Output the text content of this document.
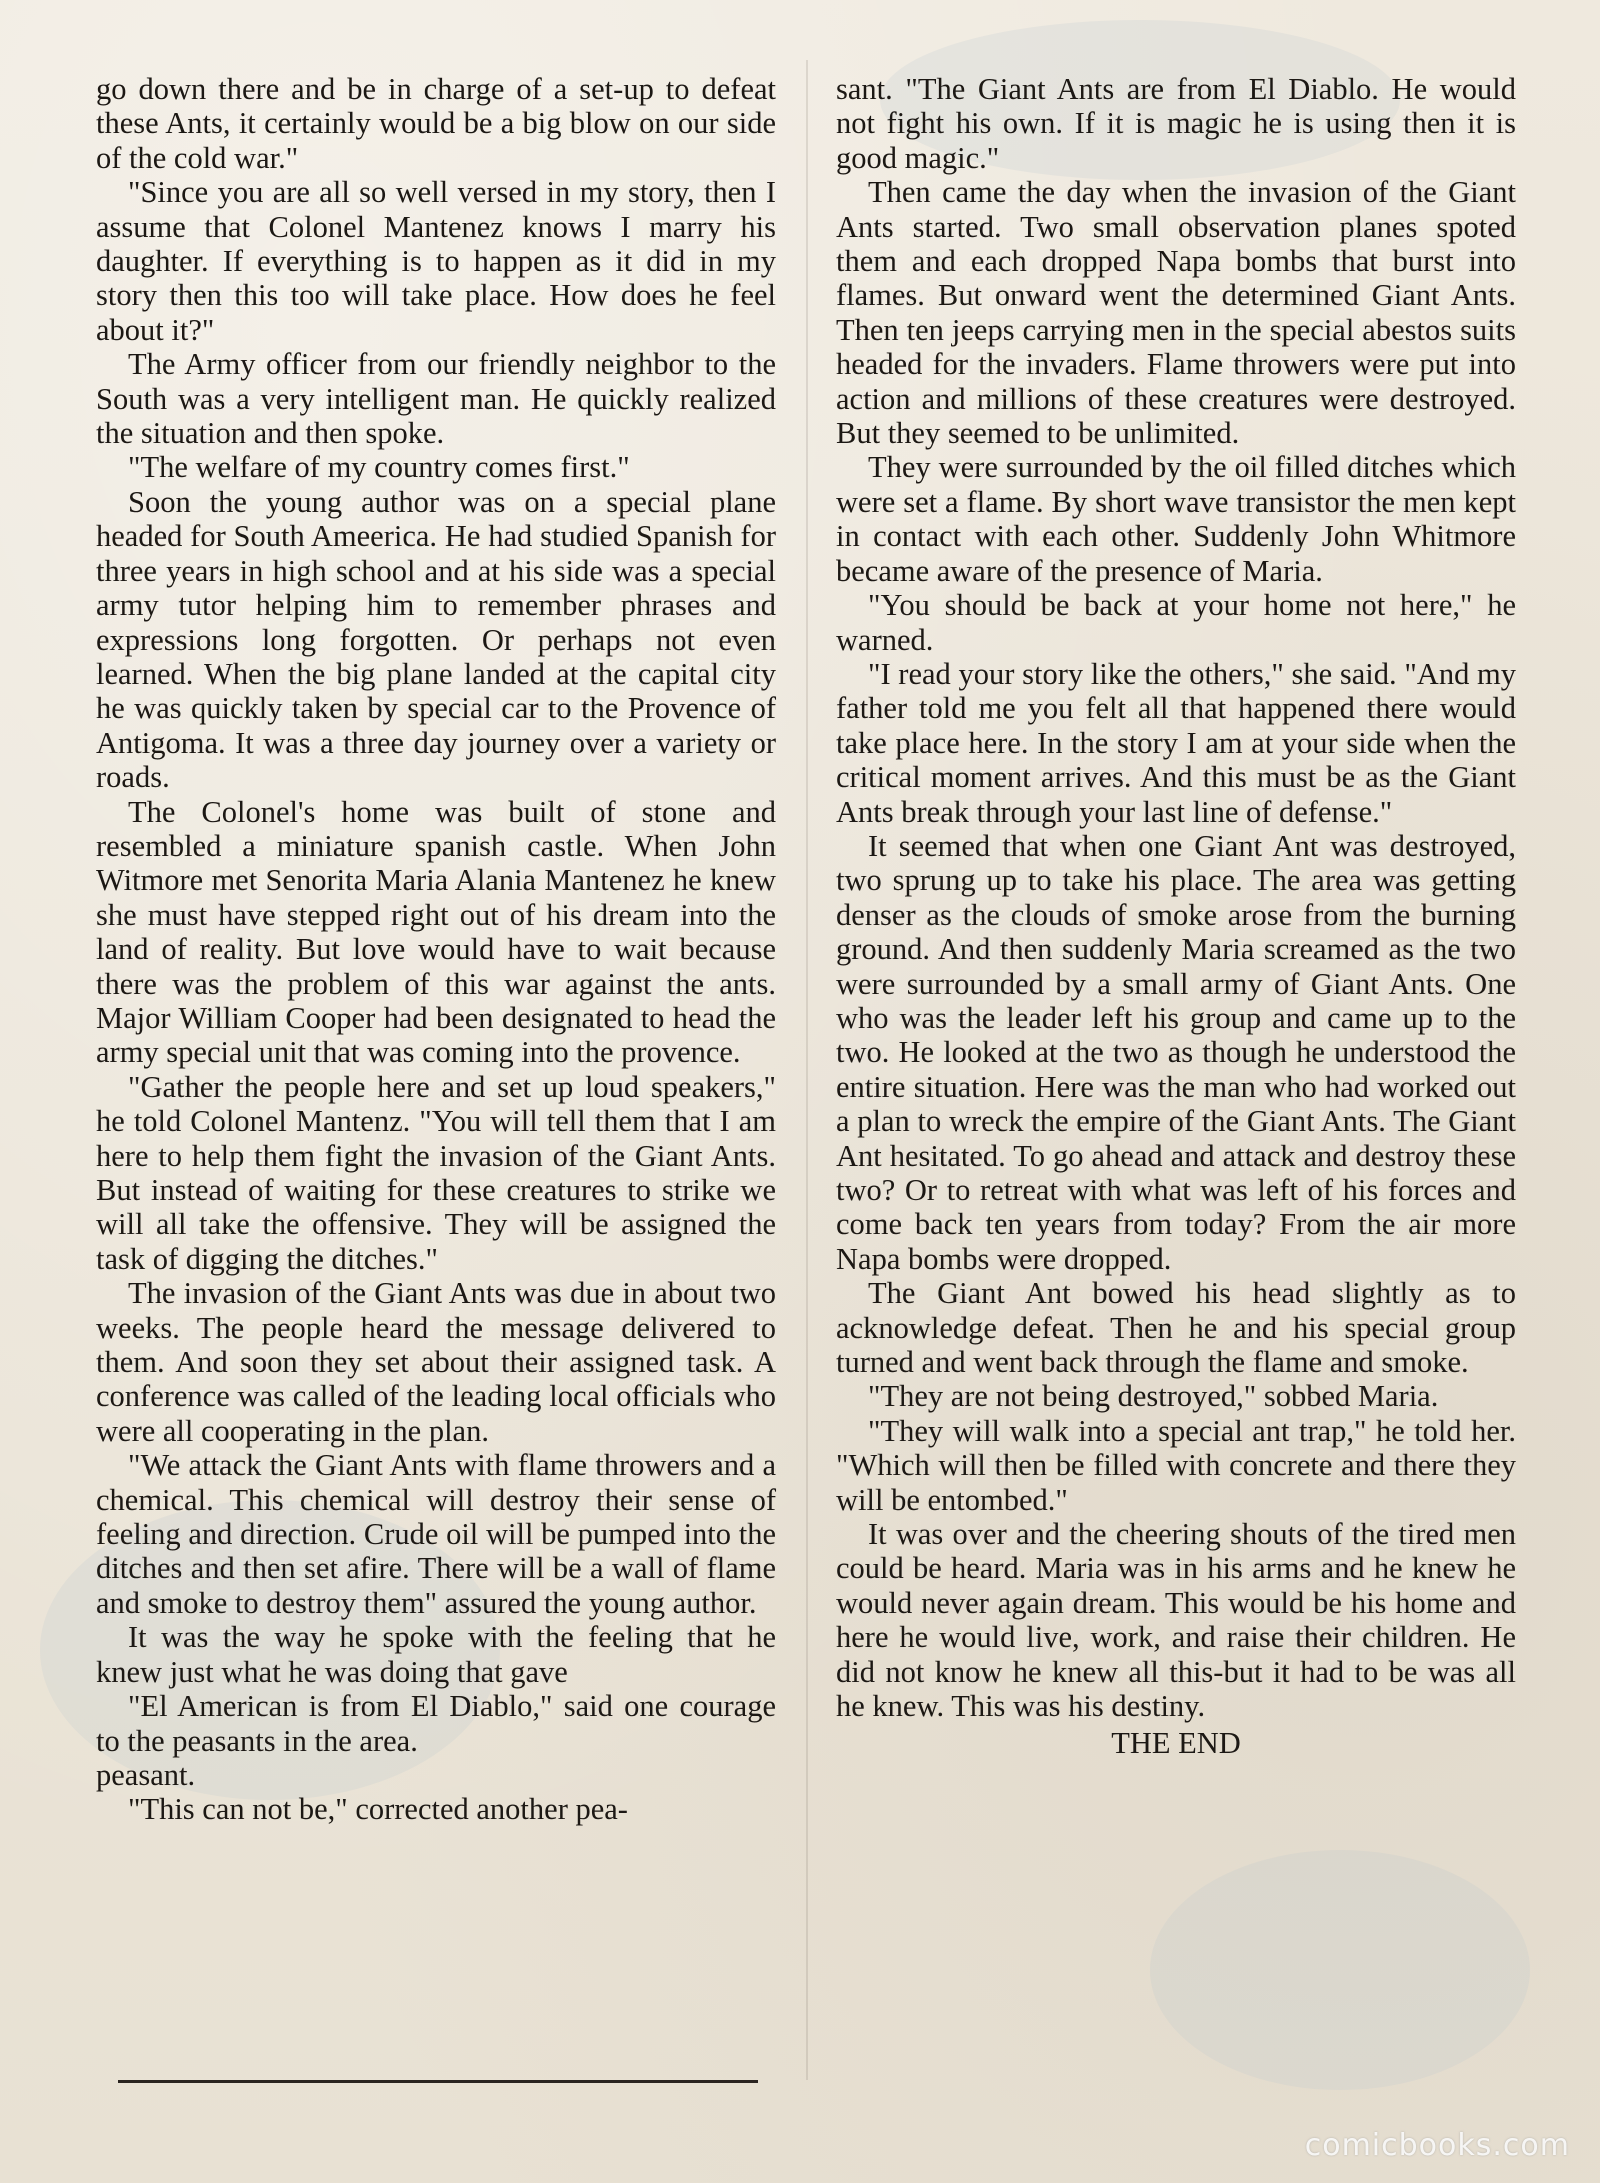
go down there and be in charge of a set-up to defeat these Ants, it certainly would be a big blow on our side of the cold war."

"Since you are all so well versed in my story, then I assume that Colonel Mantenez knows I marry his daughter. If everything is to happen as it did in my story then this too will take place. How does he feel about it?"

The Army officer from our friendly neighbor to the South was a very intelligent man. He quickly realized the situation and then spoke.

"The welfare of my country comes first."

Soon the young author was on a special plane headed for South Ameerica. He had studied Spanish for three years in high school and at his side was a special army tutor helping him to remember phrases and expressions long forgotten. Or perhaps not even learned. When the big plane landed at the capital city he was quickly taken by special car to the Provence of Antigoma. It was a three day journey over a variety or roads.

The Colonel's home was built of stone and resembled a miniature spanish castle. When John Witmore met Senorita Maria Alania Mantenez he knew she must have stepped right out of his dream into the land of reality. But love would have to wait because there was the problem of this war against the ants. Major William Cooper had been designated to head the army special unit that was coming into the provence.

"Gather the people here and set up loud speakers," he told Colonel Mantenz. "You will tell them that I am here to help them fight the invasion of the Giant Ants. But instead of waiting for these creatures to strike we will all take the offensive. They will be assigned the task of digging the ditches."

The invasion of the Giant Ants was due in about two weeks. The people heard the message delivered to them. And soon they set about their assigned task. A conference was called of the leading local officials who were all cooperating in the plan.

"We attack the Giant Ants with flame throwers and a chemical. This chemical will destroy their sense of feeling and direction. Crude oil will be pumped into the ditches and then set afire. There will be a wall of flame and smoke to destroy them" assured the young author.

It was the way he spoke with the feeling that he knew just what he was doing that gave

"El American is from El Diablo," said one courage to the peasants in the area.

peasant.

"This can not be," corrected another pea-

sant. "The Giant Ants are from El Diablo. He would not fight his own. If it is magic he is using then it is good magic."

Then came the day when the invasion of the Giant Ants started. Two small observation planes spoted them and each dropped Napa bombs that burst into flames. But onward went the determined Giant Ants. Then ten jeeps carrying men in the special abestos suits headed for the invaders. Flame throwers were put into action and millions of these creatures were destroyed. But they seemed to be unlimited.

They were surrounded by the oil filled ditches which were set a flame. By short wave transistor the men kept in contact with each other. Suddenly John Whitmore became aware of the presence of Maria.

"You should be back at your home not here," he warned.

"I read your story like the others," she said. "And my father told me you felt all that happened there would take place here. In the story I am at your side when the critical moment arrives. And this must be as the Giant Ants break through your last line of defense."

It seemed that when one Giant Ant was destroyed, two sprung up to take his place. The area was getting denser as the clouds of smoke arose from the burning ground. And then suddenly Maria screamed as the two were surrounded by a small army of Giant Ants. One who was the leader left his group and came up to the two. He looked at the two as though he understood the entire situation. Here was the man who had worked out a plan to wreck the empire of the Giant Ants. The Giant Ant hesitated. To go ahead and attack and destroy these two? Or to retreat with what was left of his forces and come back ten years from today? From the air more Napa bombs were dropped.

The Giant Ant bowed his head slightly as to acknowledge defeat. Then he and his special group turned and went back through the flame and smoke.

"They are not being destroyed," sobbed Maria.

"They will walk into a special ant trap," he told her. "Which will then be filled with concrete and there they will be entombed."

It was over and the cheering shouts of the tired men could be heard. Maria was in his arms and he knew he would never again dream. This would be his home and here he would live, work, and raise their children. He did not know he knew all this-but it had to be was all he knew. This was his destiny.

THE END

comicbooks.com
